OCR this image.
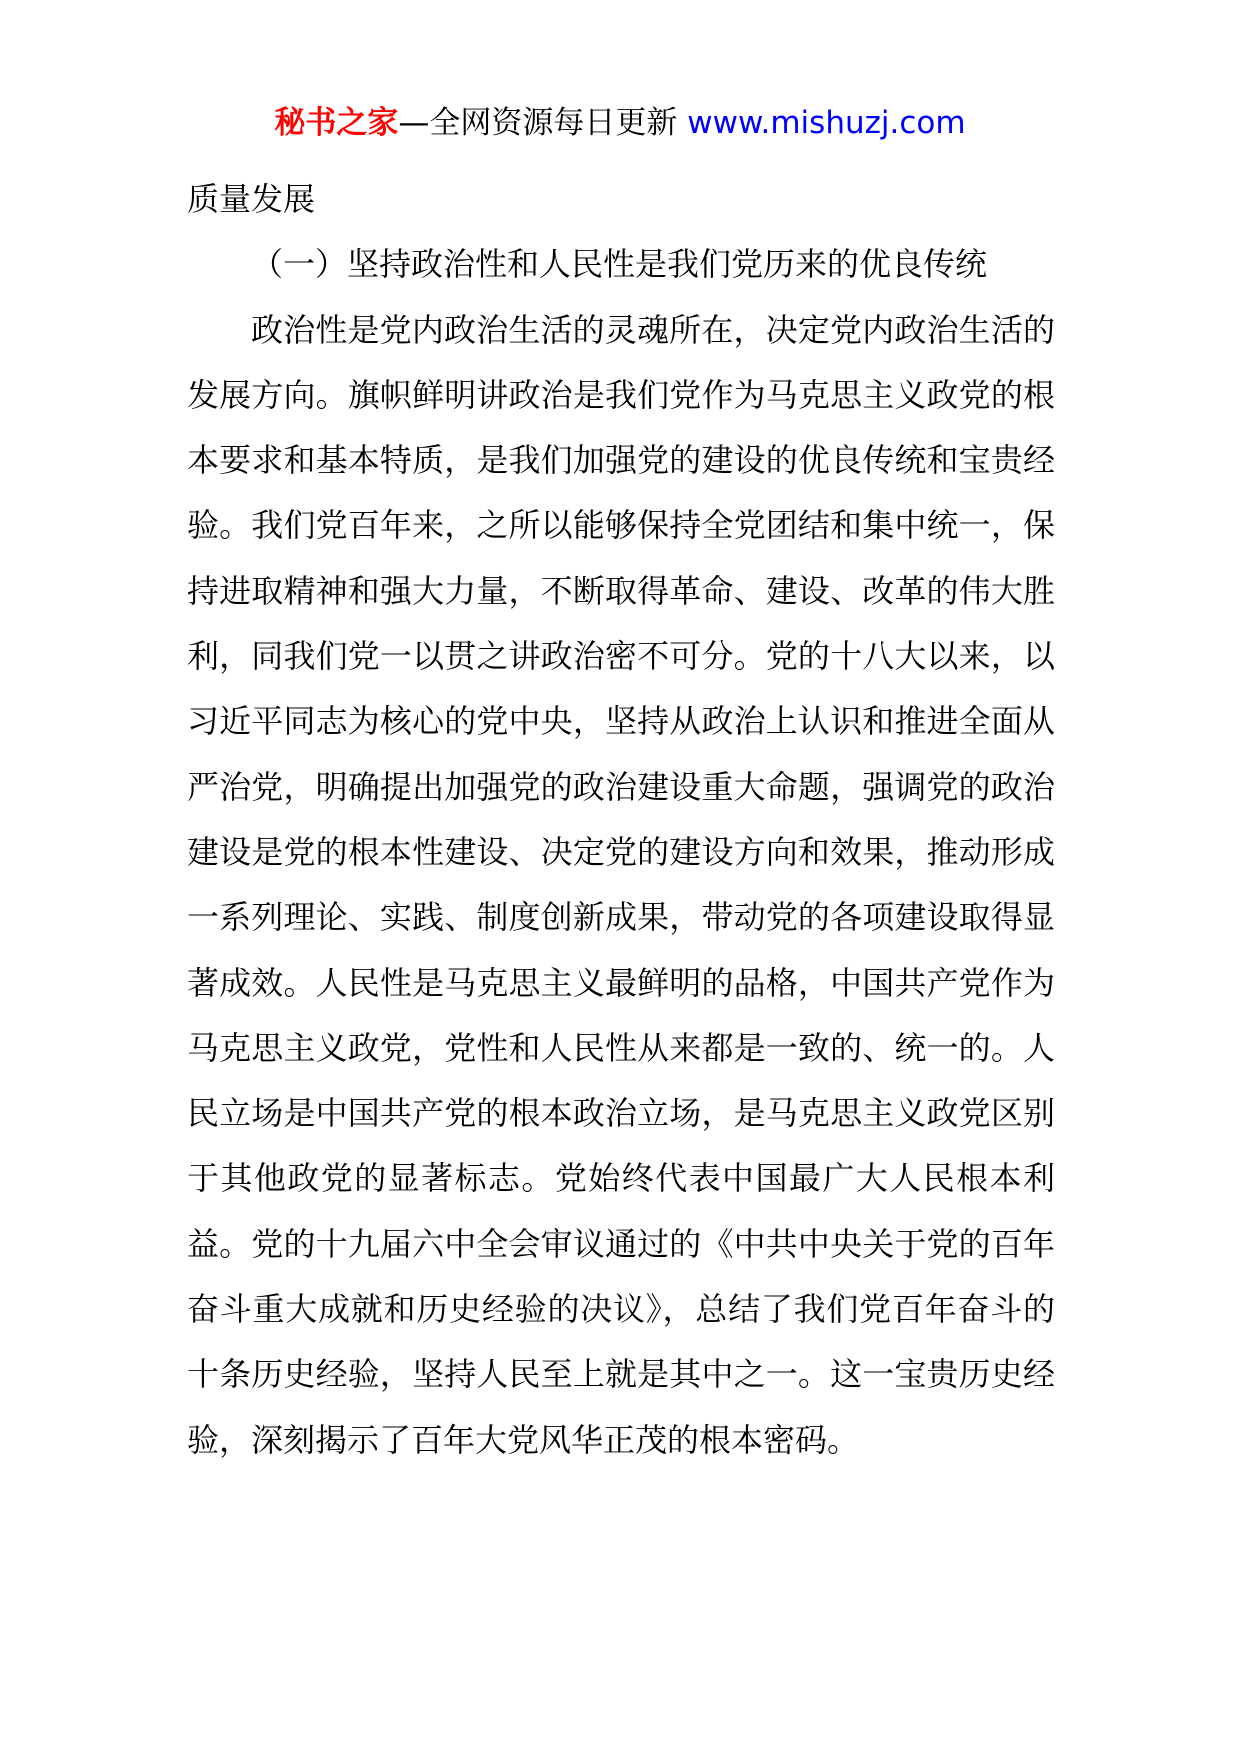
秘书之家—全网资源每日更新 www.mishuzj.com

质量发展

（一）坚持政治性和人民性是我们党历来的优良传统

政治性是党内政治生活的灵魂所在，决定党内政治生活的发展方向。旗帜鲜明讲政治是我们党作为马克思主义政党的根本要求和基本特质，是我们加强党的建设的优良传统和宝贵经验。我们党百年来，之所以能够保持全党团结和集中统一，保持进取精神和强大力量，不断取得革命、建设、改革的伟大胜利，同我们党一以贯之讲政治密不可分。党的十八大以来，以习近平同志为核心的党中央，坚持从政治上认识和推进全面从严治党，明确提出加强党的政治建设重大命题，强调党的政治建设是党的根本性建设、决定党的建设方向和效果，推动形成一系列理论、实践、制度创新成果，带动党的各项建设取得显著成效。人民性是马克思主义最鲜明的品格，中国共产党作为马克思主义政党，党性和人民性从来都是一致的、统一的。人民立场是中国共产党的根本政治立场，是马克思主义政党区别于其他政党的显著标志。党始终代表中国最广大人民根本利益。党的十九届六中全会审议通过的《中共中央关于党的百年奋斗重大成就和历史经验的决议》，总结了我们党百年奋斗的十条历史经验，坚持人民至上就是其中之一。这一宝贵历史经验，深刻揭示了百年大党风华正茂的根本密码。
